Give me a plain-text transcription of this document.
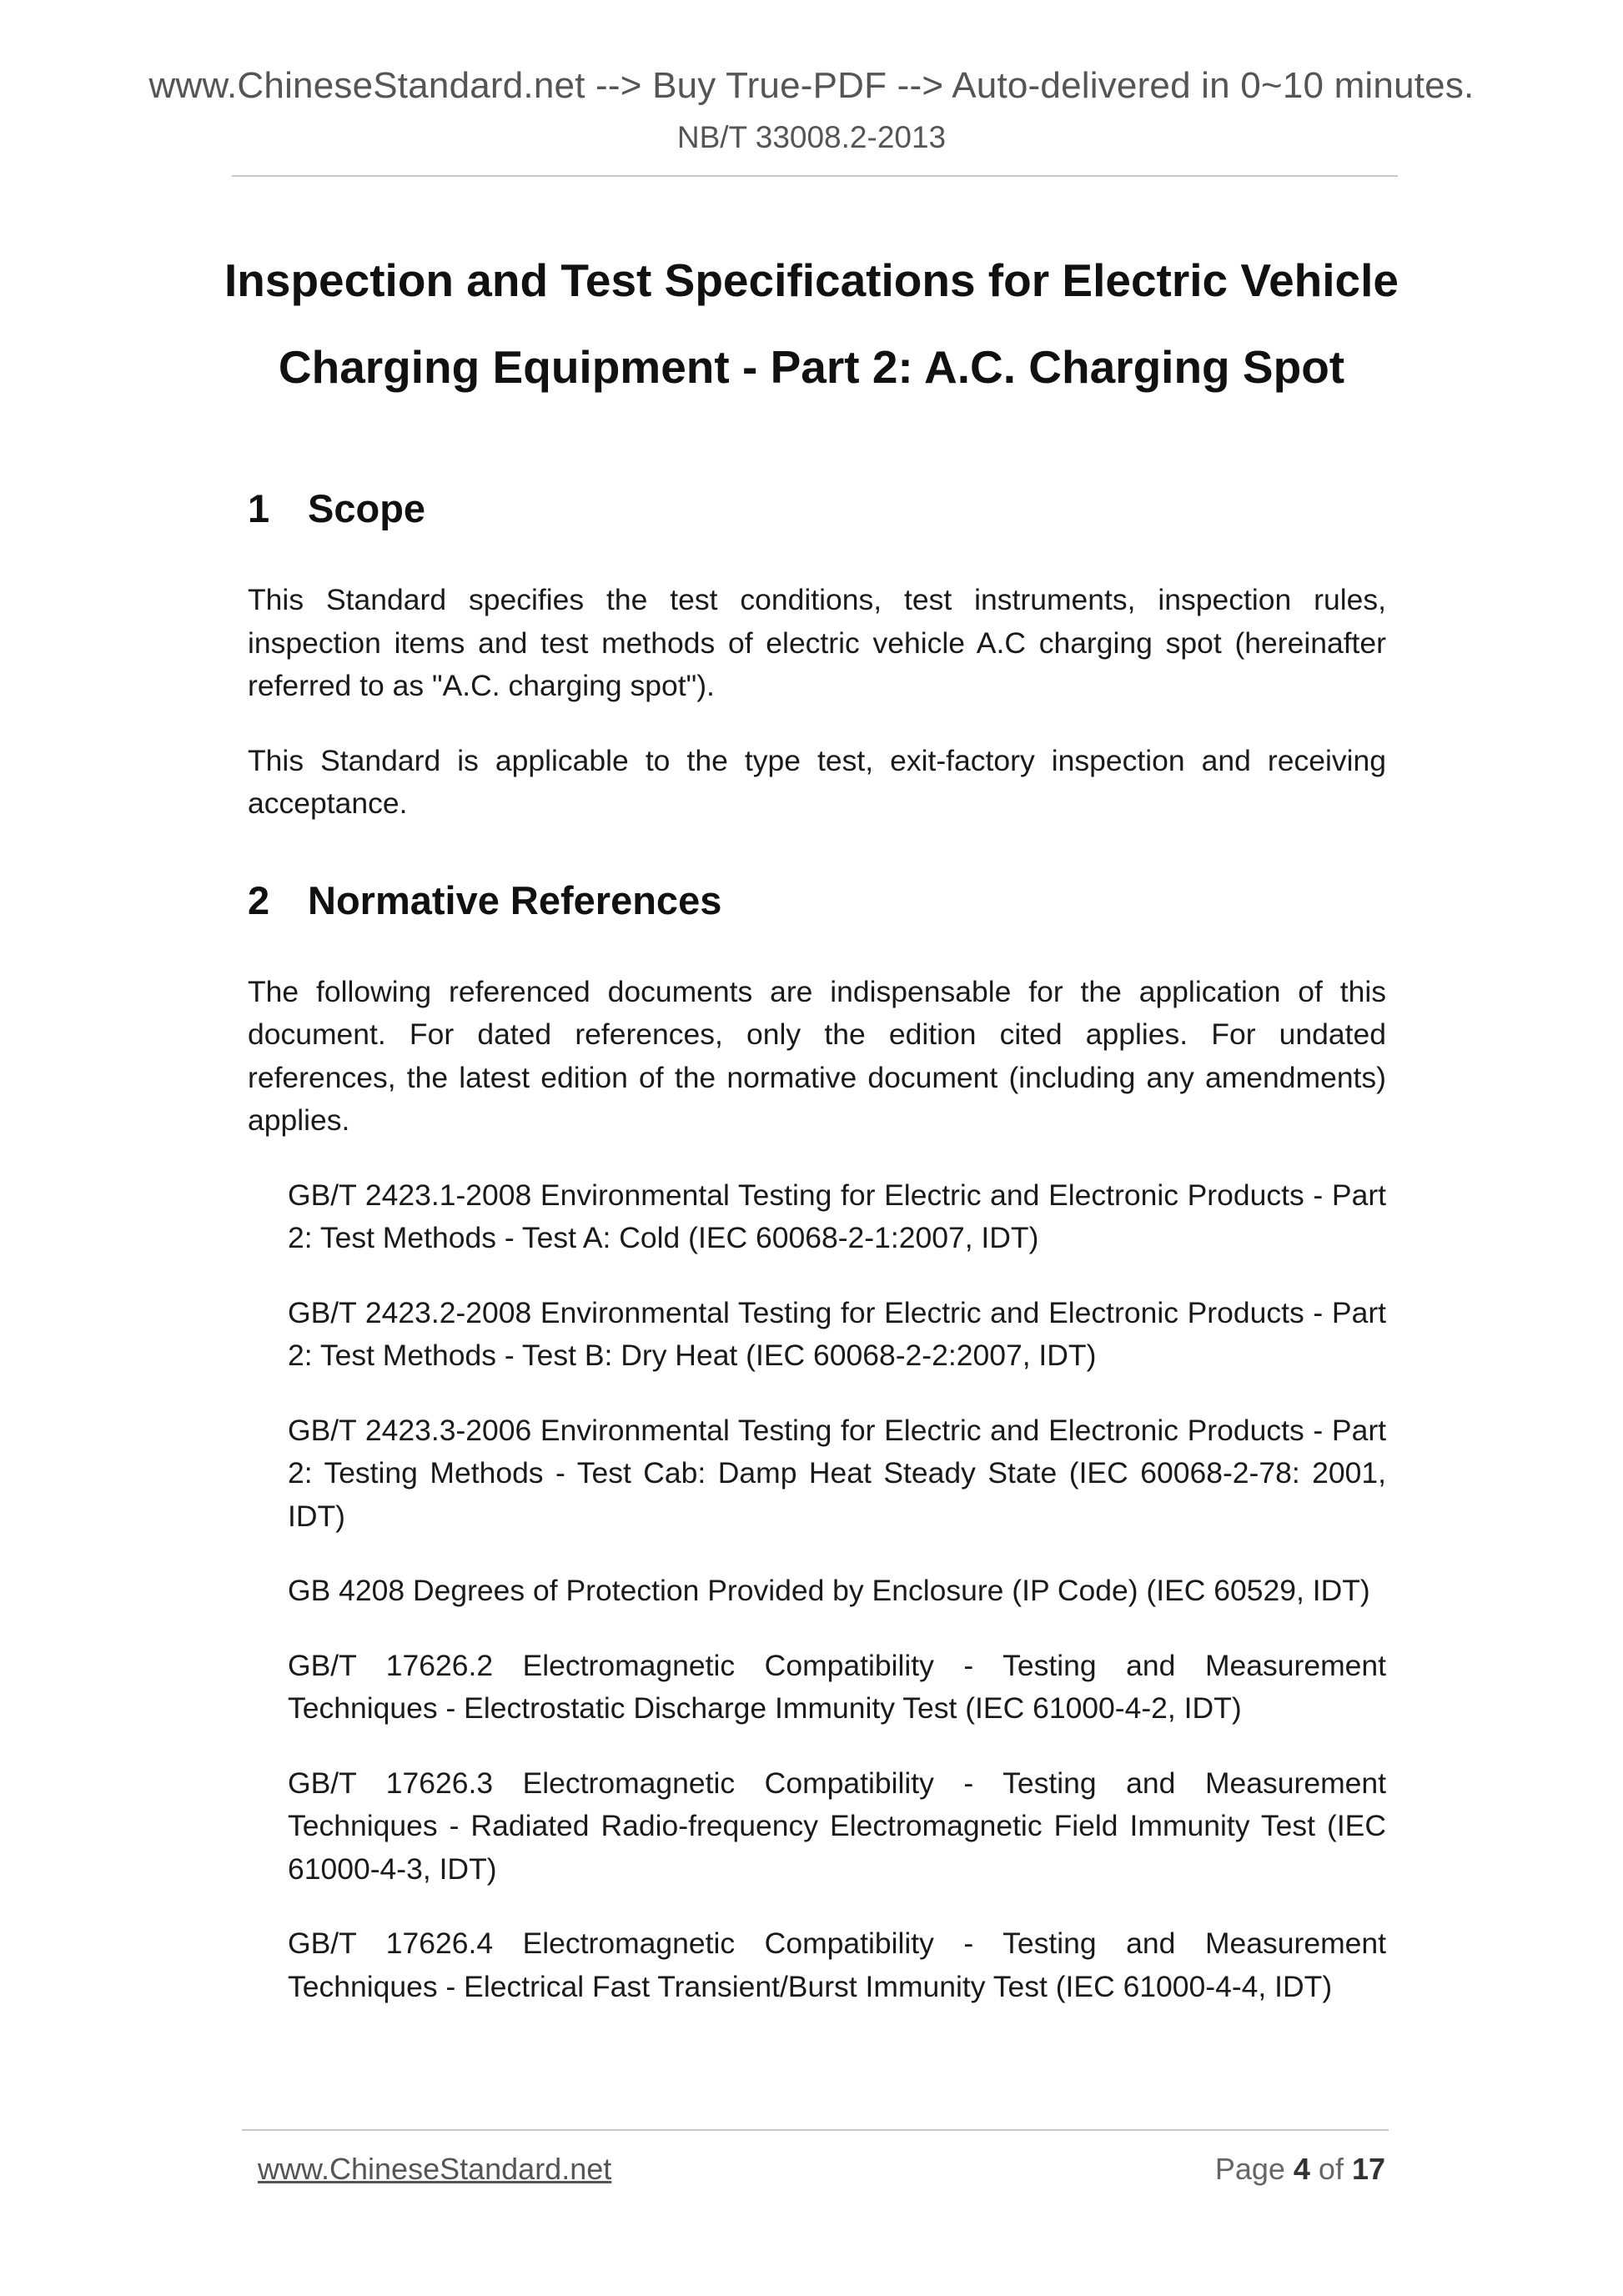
www.ChineseStandard.net --> Buy True-PDF --> Auto-delivered in 0~10 minutes.
NB/T 33008.2-2013
Inspection and Test Specifications for Electric Vehicle
Charging Equipment - Part 2: A.C. Charging Spot
1 Scope

This Standard specifies the test conditions, test instruments, inspection rules, inspection items and test methods of electric vehicle A.C charging spot (hereinafter referred to as "A.C. charging spot").

This Standard is applicable to the type test, exit-factory inspection and receiving acceptance.

2 Normative References

The following referenced documents are indispensable for the application of this document. For dated references, only the edition cited applies. For undated references, the latest edition of the normative document (including any amendments) applies.

GB/T 2423.1-2008 Environmental Testing for Electric and Electronic Products - Part 2: Test Methods - Test A: Cold (IEC 60068-2-1:2007, IDT)

GB/T 2423.2-2008 Environmental Testing for Electric and Electronic Products - Part 2: Test Methods - Test B: Dry Heat (IEC 60068-2-2:2007, IDT)

GB/T 2423.3-2006 Environmental Testing for Electric and Electronic Products - Part 2: Testing Methods - Test Cab: Damp Heat Steady State (IEC 60068-2-78: 2001, IDT)

GB 4208 Degrees of Protection Provided by Enclosure (IP Code) (IEC 60529, IDT)

GB/T 17626.2 Electromagnetic Compatibility - Testing and Measurement Techniques - Electrostatic Discharge Immunity Test (IEC 61000-4-2, IDT)

GB/T 17626.3 Electromagnetic Compatibility - Testing and Measurement Techniques - Radiated Radio-frequency Electromagnetic Field Immunity Test (IEC 61000-4-3, IDT)

GB/T 17626.4 Electromagnetic Compatibility - Testing and Measurement Techniques - Electrical Fast Transient/Burst Immunity Test (IEC 61000-4-4, IDT)

www.ChineseStandard.net	Page 4 of 17
